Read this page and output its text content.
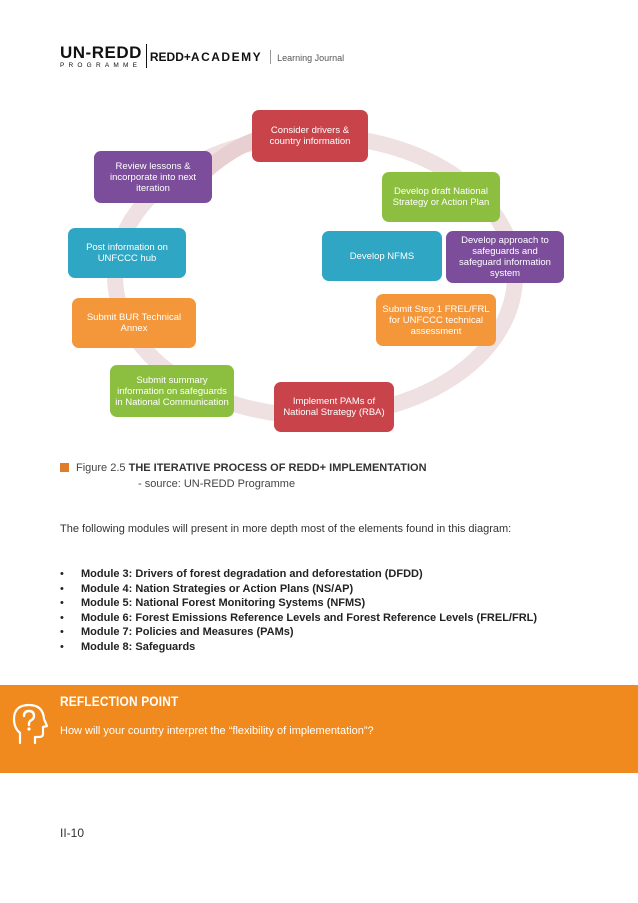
UN-REDD
PROGRAMME
REDD+ACADEMY Learning Journal
Consider drivers & country information
Develop draft National Strategy or Action Plan
Develop approach to safeguards and safeguard information system
Develop NFMS
Submit Step 1 FREL/FRL for UNFCCC technical assessment
Implement PAMs of National Strategy (RBA)
Submit summary information on safeguards in National Communication
Submit BUR Technical Annex
Post information on UNFCCC hub
Review lessons & incorporate into next iteration
Figure 2.5 THE ITERATIVE PROCESS OF REDD+ IMPLEMENTATION
- source: UN-REDD Programme

The following modules will present in more depth most of the elements found in this diagram:

•	Module 3: Drivers of forest degradation and deforestation (DFDD)
•	Module 4: Nation Strategies or Action Plans (NS/AP)
•	Module 5: National Forest Monitoring Systems (NFMS)
•	Module 6: Forest Emissions Reference Levels and Forest Reference Levels (FREL/FRL)
•	Module 7: Policies and Measures (PAMs)
•	Module 8: Safeguards
REFLECTION POINT
How will your country interpret the “flexibility of implementation”?
II-10
